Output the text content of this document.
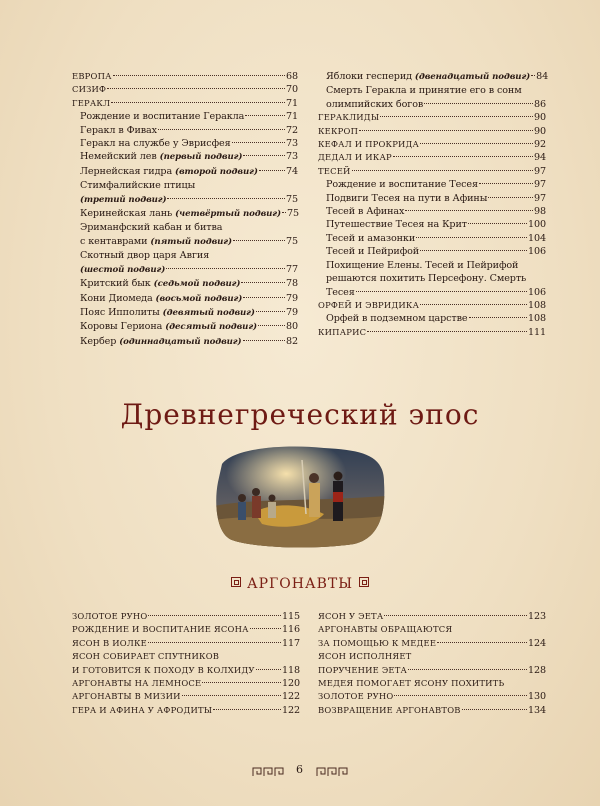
ЕВРОПА	68
СИЗИФ	70
ГЕРАКЛ	71
Рождение и воспитание Геракла	71
Геракл в Фивах	72
Геракл на службе у Эврисфея	73
Немейский лев
(первый подвиг)	73
Лернейская гидра
(второй подвиг)	74
Стимфалийские птицы
(третий подвиг)	75
Керинейская лань
(четвёртый подвиг) 75
Эриманфский кабан и битва
с кентаврами
(пятый подвиг)	75
Скотный двор царя Авгия
(шестой подвиг)	77
Критский бык
(седьмой подвиг)	78
Кони Диомеда
(восьмой подвиг)	79
Пояс Ипполиты
(девятый подвиг)	79
Коровы Гериона
(десятый подвиг)	80
Кербер
(одиннадцатый подвиг)	82
Яблоки гесперид
(двенадцатый подвиг) 84
Смерть Геракла и принятие его в сонм
олимпийских богов	86
ГЕРАКЛИДЫ	90
КЕКРОП	90
КЕФАЛ И ПРОКРИДА	92
ДЕДАЛ И ИКАР	94
ТЕСЕЙ	97
Рождение и воспитание Тесея	97
Подвиги Тесея на пути в Афины	97
Тесей в Афинах	98
Путешествие Тесея на Крит	100
Тесей и амазонки	104
Тесей и Пейрифой	106
Похищение Елены. Тесей и Пейрифой
решаются похитить Персефону. Смерть
Тесея	106
ОРФЕЙ И ЭВРИДИКА	108
Орфей в подземном царстве	108
КИПАРИС	111
Древнегреческий эпос
АРГОНАВТЫ
ЗОЛОТОЕ РУНО	115
РОЖДЕНИЕ И ВОСПИТАНИЕ ЯСОНА	116
ЯСОН В ИОЛКЕ	117
ЯСОН СОБИРАЕТ СПУТНИКОВ
И ГОТОВИТСЯ К ПОХОДУ В КОЛХИДУ	118
АРГОНАВТЫ НА ЛЕМНОСЕ	120
АРГОНАВТЫ В МИЗИИ	122
ГЕРА И АФИНА У АФРОДИТЫ	122
ЯСОН У ЭЕТА	123
АРГОНАВТЫ ОБРАЩАЮТСЯ
ЗА ПОМОЩЬЮ К МЕДЕЕ	124
ЯСОН ИСПОЛНЯЕТ
ПОРУЧЕНИЕ ЭЕТА	128
МЕДЕЯ ПОМОГАЕТ ЯСОНУ ПОХИТИТЬ
ЗОЛОТОЕ РУНО	130
ВОЗВРАЩЕНИЕ АРГОНАВТОВ	134
6
